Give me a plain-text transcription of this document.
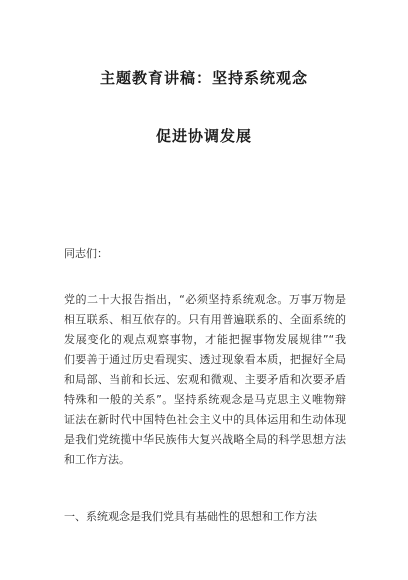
主题教育讲稿：坚持系统观念
促进协调发展
同志们：
党的二十大报告指出，“必须坚持系统观念。万事万物是
相互联系、相互依存的。只有用普遍联系的、全面系统的
发展变化的观点观察事物，才能把握事物发展规律”“我
们要善于通过历史看现实、透过现象看本质，把握好全局
和局部、当前和长远、宏观和微观、主要矛盾和次要矛盾
特殊和一般的关系”。坚持系统观念是马克思主义唯物辩
证法在新时代中国特色社会主义中的具体运用和生动体现
是我们党统揽中华民族伟大复兴战略全局的科学思想方法
和工作方法。
一、系统观念是我们党具有基础性的思想和工作方法
